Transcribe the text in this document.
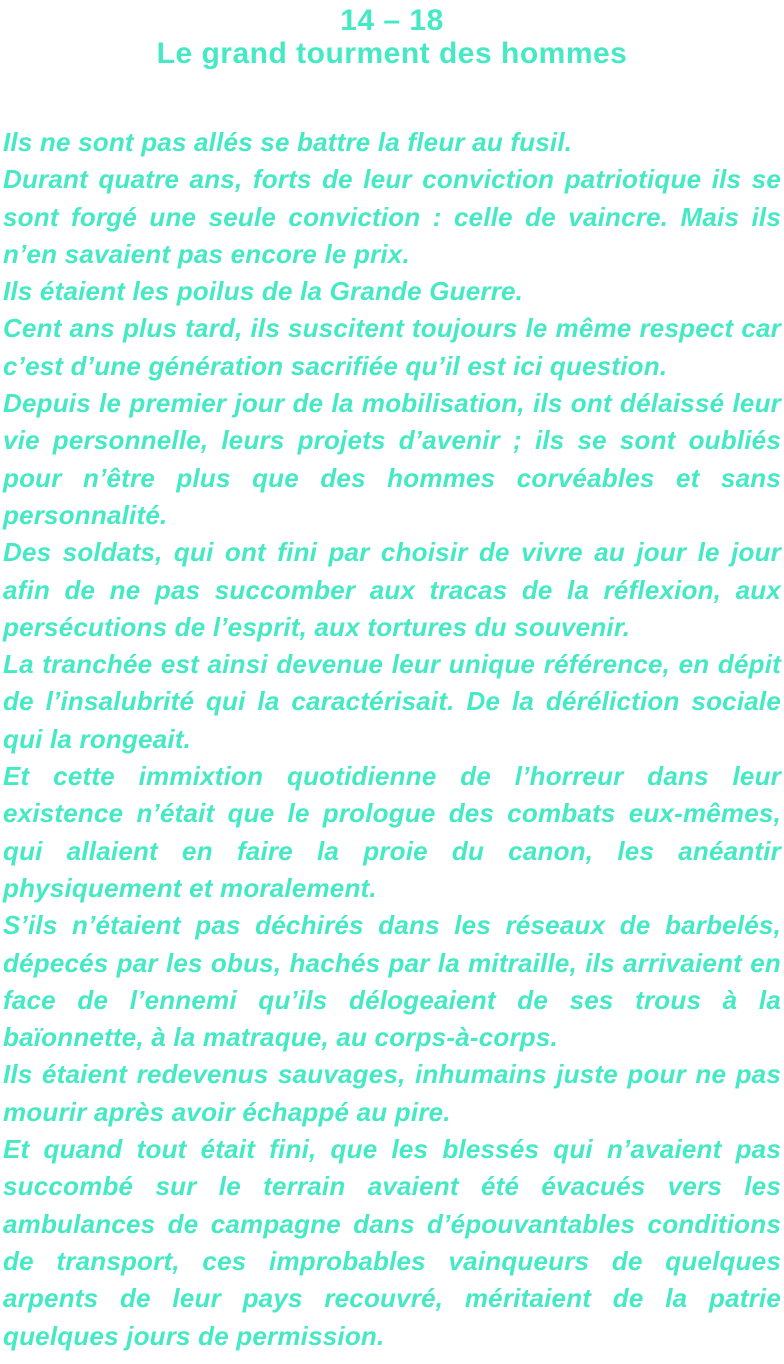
14 – 18
Le grand tourment des hommes

Ils ne sont pas allés se battre la fleur au fusil.

Durant quatre ans, forts de leur conviction patriotique ils se sont forgé une seule conviction : celle de vaincre. Mais ils n’en savaient pas encore le prix.

Ils étaient les poilus de la Grande Guerre.

Cent ans plus tard, ils suscitent toujours le même respect car c’est d’une génération sacrifiée qu’il est ici question.

Depuis le premier jour de la mobilisation, ils ont délaissé leur vie personnelle, leurs projets d’avenir ; ils se sont oubliés pour n’être plus que des hommes corvéables et sans personnalité.

Des soldats, qui ont fini par choisir de vivre au jour le jour afin de ne pas succomber aux tracas de la réflexion, aux persécutions de l’esprit, aux tortures du souvenir.

La tranchée est ainsi devenue leur unique référence, en dépit de l’insalubrité qui la caractérisait. De la déréliction sociale qui la rongeait.

Et cette immixtion quotidienne de l’horreur dans leur existence n’était que le prologue des combats eux-mêmes, qui allaient en faire la proie du canon, les anéantir physiquement et moralement.

S’ils n’étaient pas déchirés dans les réseaux de barbelés, dépecés par les obus, hachés par la mitraille, ils arrivaient en face de l’ennemi qu’ils délogeaient de ses trous à la baïonnette, à la matraque, au corps-à-corps.

Ils étaient redevenus sauvages, inhumains juste pour ne pas mourir après avoir échappé au pire.

Et quand tout était fini, que les blessés qui n’avaient pas succombé sur le terrain avaient été évacués vers les ambulances de campagne dans d’épouvantables conditions de transport, ces improbables vainqueurs de quelques arpents de leur pays recouvré, méritaient de la patrie quelques jours de permission.
